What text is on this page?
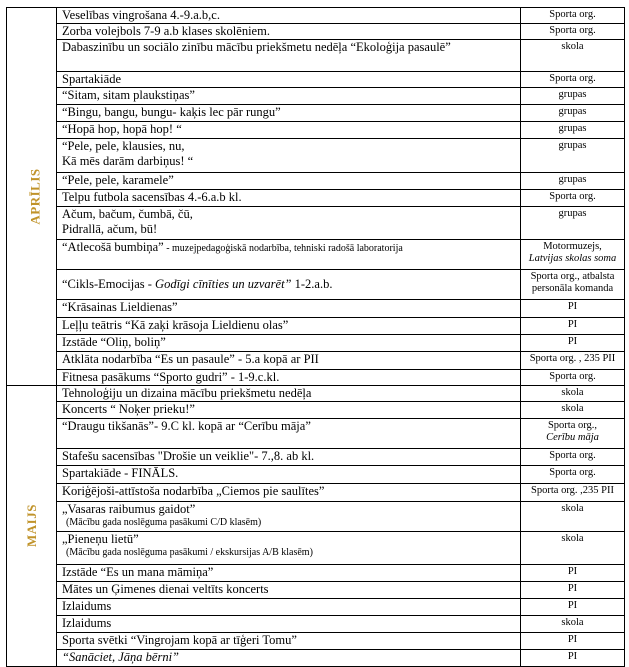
APRĪLIS	Veselības vingrošana 4.-9.a.b,c.	Sporta org.
	Zorba volejbols 7-9 a.b klases skolēniem.	Sporta org.
	Dabaszinību un sociālo zinību mācību priekšmetu nedēļa “Ekoloģija pasaulē”	skola
	Spartakiāde	Sporta org.
	“Sitam, sitam plaukstiņas”	grupas
	“Bingu, bangu, bungu- kaķis lec pār rungu”	grupas
	“Hopā hop, hopā hop! “	grupas
	“Pele, pele, klausies, nu,
Kā mēs darām darbiņus! “	grupas
	“Pele, pele, karamele”	grupas
	Telpu futbola sacensības 4.-6.a.b kl.	Sporta org.
	Ačum, bačum, čumbā, čū,
Pidrallā, ačum, bū!	grupas
	“Atlecošā bumbiņa” - muzejpedagoģiskā nodarbība, tehniski radošā laboratorija	Motormuzejs,
Latvijas skolas soma
	“Cikls-Emocijas - Godīgi cīnīties un uzvarēt” 1-2.a.b.	Sporta org., atbalsta
personāla komanda
	“Krāsainas Lieldienas”	PI
	Leļļu teātris “Kā zaķi krāsoja Lieldienu olas”	PI
	Izstāde “Oliņ, boliņ”	PI
	Atklāta nodarbība “Es un pasaule” - 5.a kopā ar PII	Sporta org. , 235 PII
	Fitnesa pasākums “Sporto gudri” - 1-9.c.kl.	Sporta org.
MAIJS	Tehnoloģiju un dizaina mācību priekšmetu nedēļa	skola
	Koncerts “ Noķer prieku!”	skola
	“Draugu tikšanās”- 9.C kl. kopā ar “Cerību māja”	Sporta org.,
Cerību māja
	Stafešu sacensības "Drošie un veiklie"- 7.,8. ab kl.	Sporta org.
	Spartakiāde - FINĀLS.	Sporta org.
	Koriģējoši-attīstoša nodarbība „Ciemos pie saulītes”	Sporta org. ,235 PII
	„Vasaras raibumus gaidot”
(Mācību gada noslēguma pasākumi C/D klasēm)	skola
	„Pieneņu lietū”
(Mācību gada noslēguma pasākumi / ekskursijas A/B klasēm)	skola
	Izstāde “Es un mana māmiņa”	PI
	Mātes un Ģimenes dienai veltīts koncerts	PI
	Izlaidums	PI
	Izlaidums	skola
	Sporta svētki “Vingrojam kopā ar tīģeri Tomu”	PI
	“Sanāciet, Jāņa bērni”	PI
